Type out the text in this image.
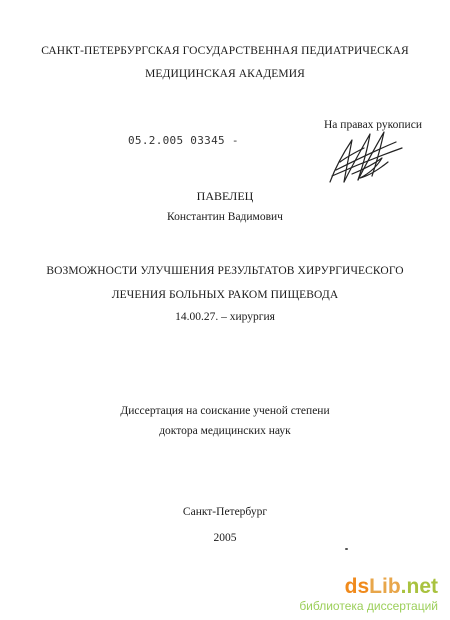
САНКТ-ПЕТЕРБУРГСКАЯ ГОСУДАРСТВЕННАЯ ПЕДИАТРИЧЕСКАЯ
МЕДИЦИНСКАЯ АКАДЕМИЯ
На правах рукописи
05.2.005 03345 -
ПАВЕЛЕЦ
Константин Вадимович
ВОЗМОЖНОСТИ УЛУЧШЕНИЯ РЕЗУЛЬТАТОВ ХИРУРГИЧЕСКОГО
ЛЕЧЕНИЯ БОЛЬНЫХ РАКОМ ПИЩЕВОДА
14.00.27. – хирургия
Диссертация на соискание ученой степени
доктора медицинских наук
Санкт-Петербург
2005
dsLib.net
библиотека диссертаций
